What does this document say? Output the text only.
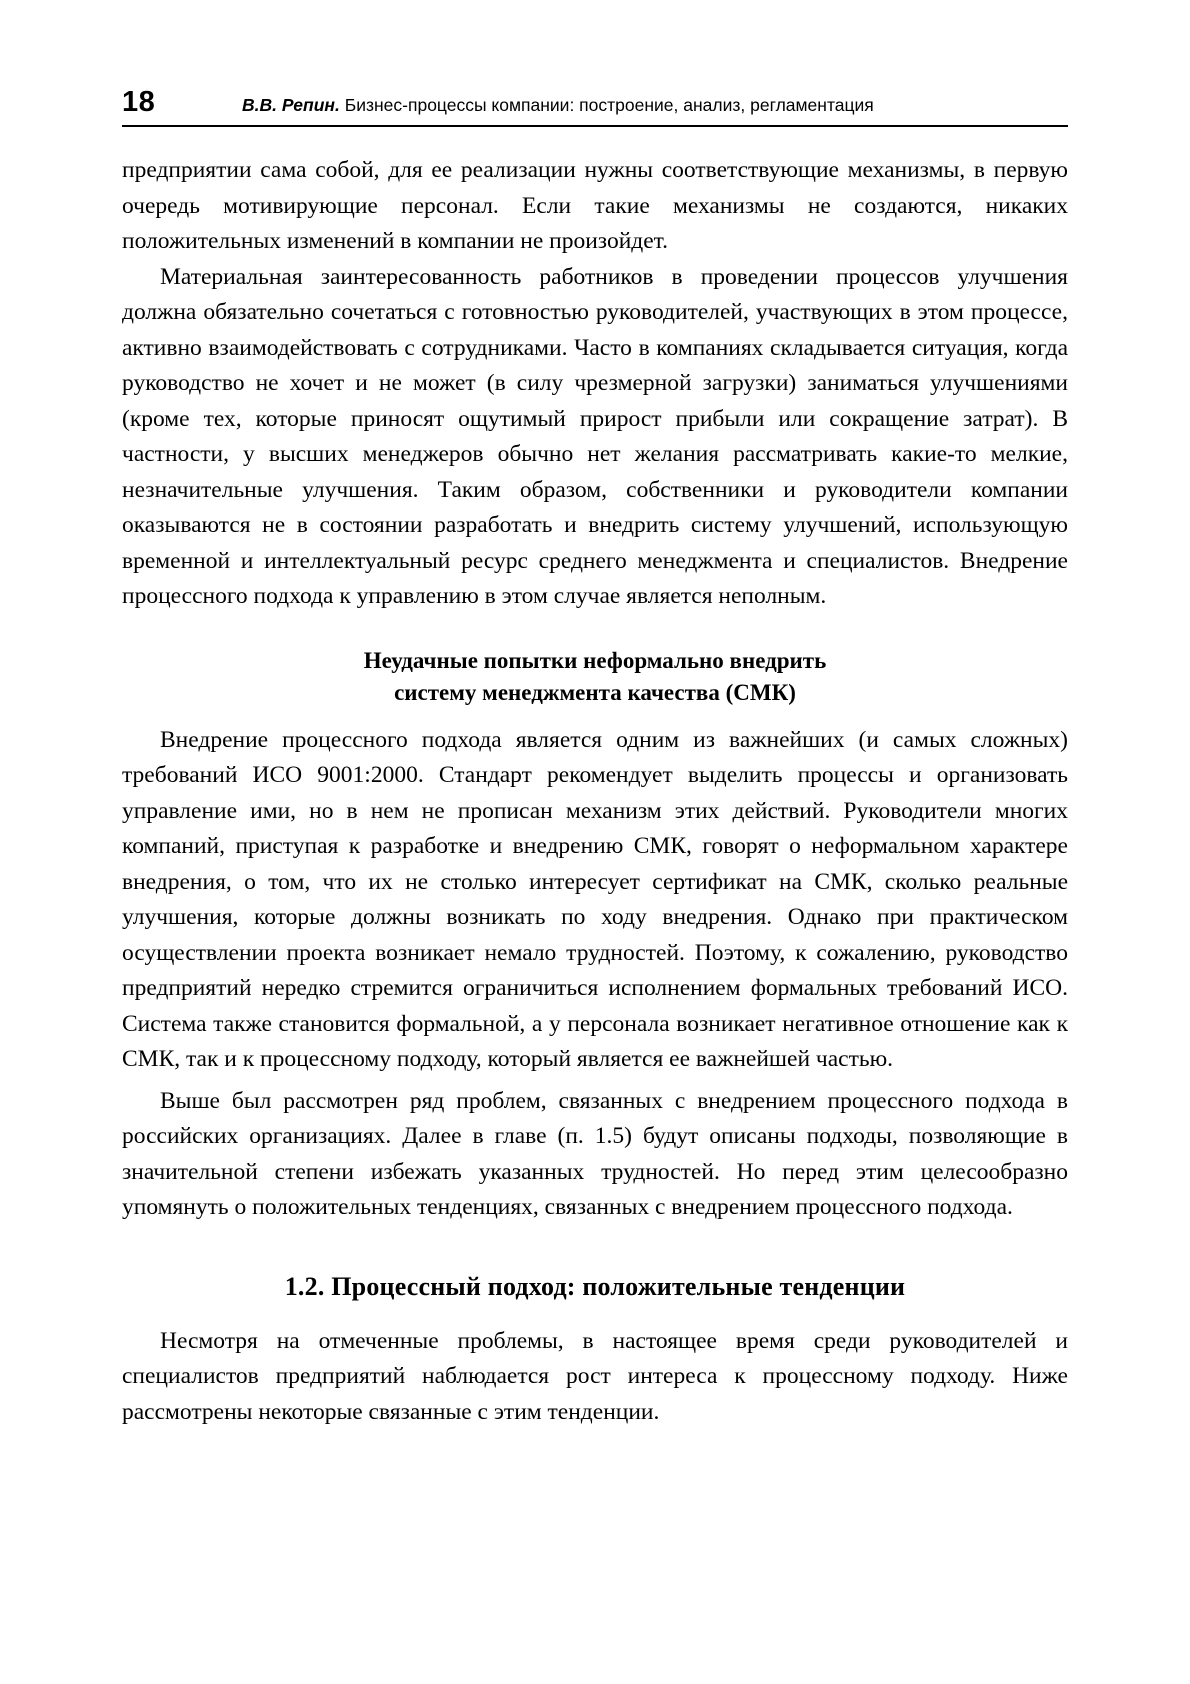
18	В.В. Репин. Бизнес-процессы компании: построение, анализ, регламентация

предприятии сама собой, для ее реализации нужны соответствующие механизмы, в первую очередь мотивирующие персонал. Если такие механизмы не создаются, никаких положительных изменений в компании не произойдет.

Материальная заинтересованность работников в проведении процессов улучшения должна обязательно сочетаться с готовностью руководителей, участвующих в этом процессе, активно взаимодействовать с сотрудниками. Часто в компаниях складывается ситуация, когда руководство не хочет и не может (в силу чрезмерной загрузки) заниматься улучшениями (кроме тех, которые приносят ощутимый прирост прибыли или сокращение затрат). В частности, у высших менеджеров обычно нет желания рассматривать какие-то мелкие, незначительные улучшения. Таким образом, собственники и руководители компании оказываются не в состоянии разработать и внедрить систему улучшений, использующую временной и интеллектуальный ресурс среднего менеджмента и специалистов. Внедрение процессного подхода к управлению в этом случае является неполным.

Неудачные попытки неформально внедрить
систему менеджмента качества (СМК)

Внедрение процессного подхода является одним из важнейших (и самых сложных) требований ИСО 9001:2000. Стандарт рекомендует выделить процессы и организовать управление ими, но в нем не прописан механизм этих действий. Руководители многих компаний, приступая к разработке и внедрению СМК, говорят о неформальном характере внедрения, о том, что их не столько интересует сертификат на СМК, сколько реальные улучшения, которые должны возникать по ходу внедрения. Однако при практическом осуществлении проекта возникает немало трудностей. Поэтому, к сожалению, руководство предприятий нередко стремится ограничиться исполнением формальных требований ИСО. Система также становится формальной, а у персонала возникает негативное отношение как к СМК, так и к процессному подходу, который является ее важнейшей частью.

Выше был рассмотрен ряд проблем, связанных с внедрением процессного подхода в российских организациях. Далее в главе (п. 1.5) будут описаны подходы, позволяющие в значительной степени избежать указанных трудностей. Но перед этим целесообразно упомянуть о положительных тенденциях, связанных с внедрением процессного подхода.

1.2. Процессный подход: положительные тенденции

Несмотря на отмеченные проблемы, в настоящее время среди руководителей и специалистов предприятий наблюдается рост интереса к процессному подходу. Ниже рассмотрены некоторые связанные с этим тенденции.
